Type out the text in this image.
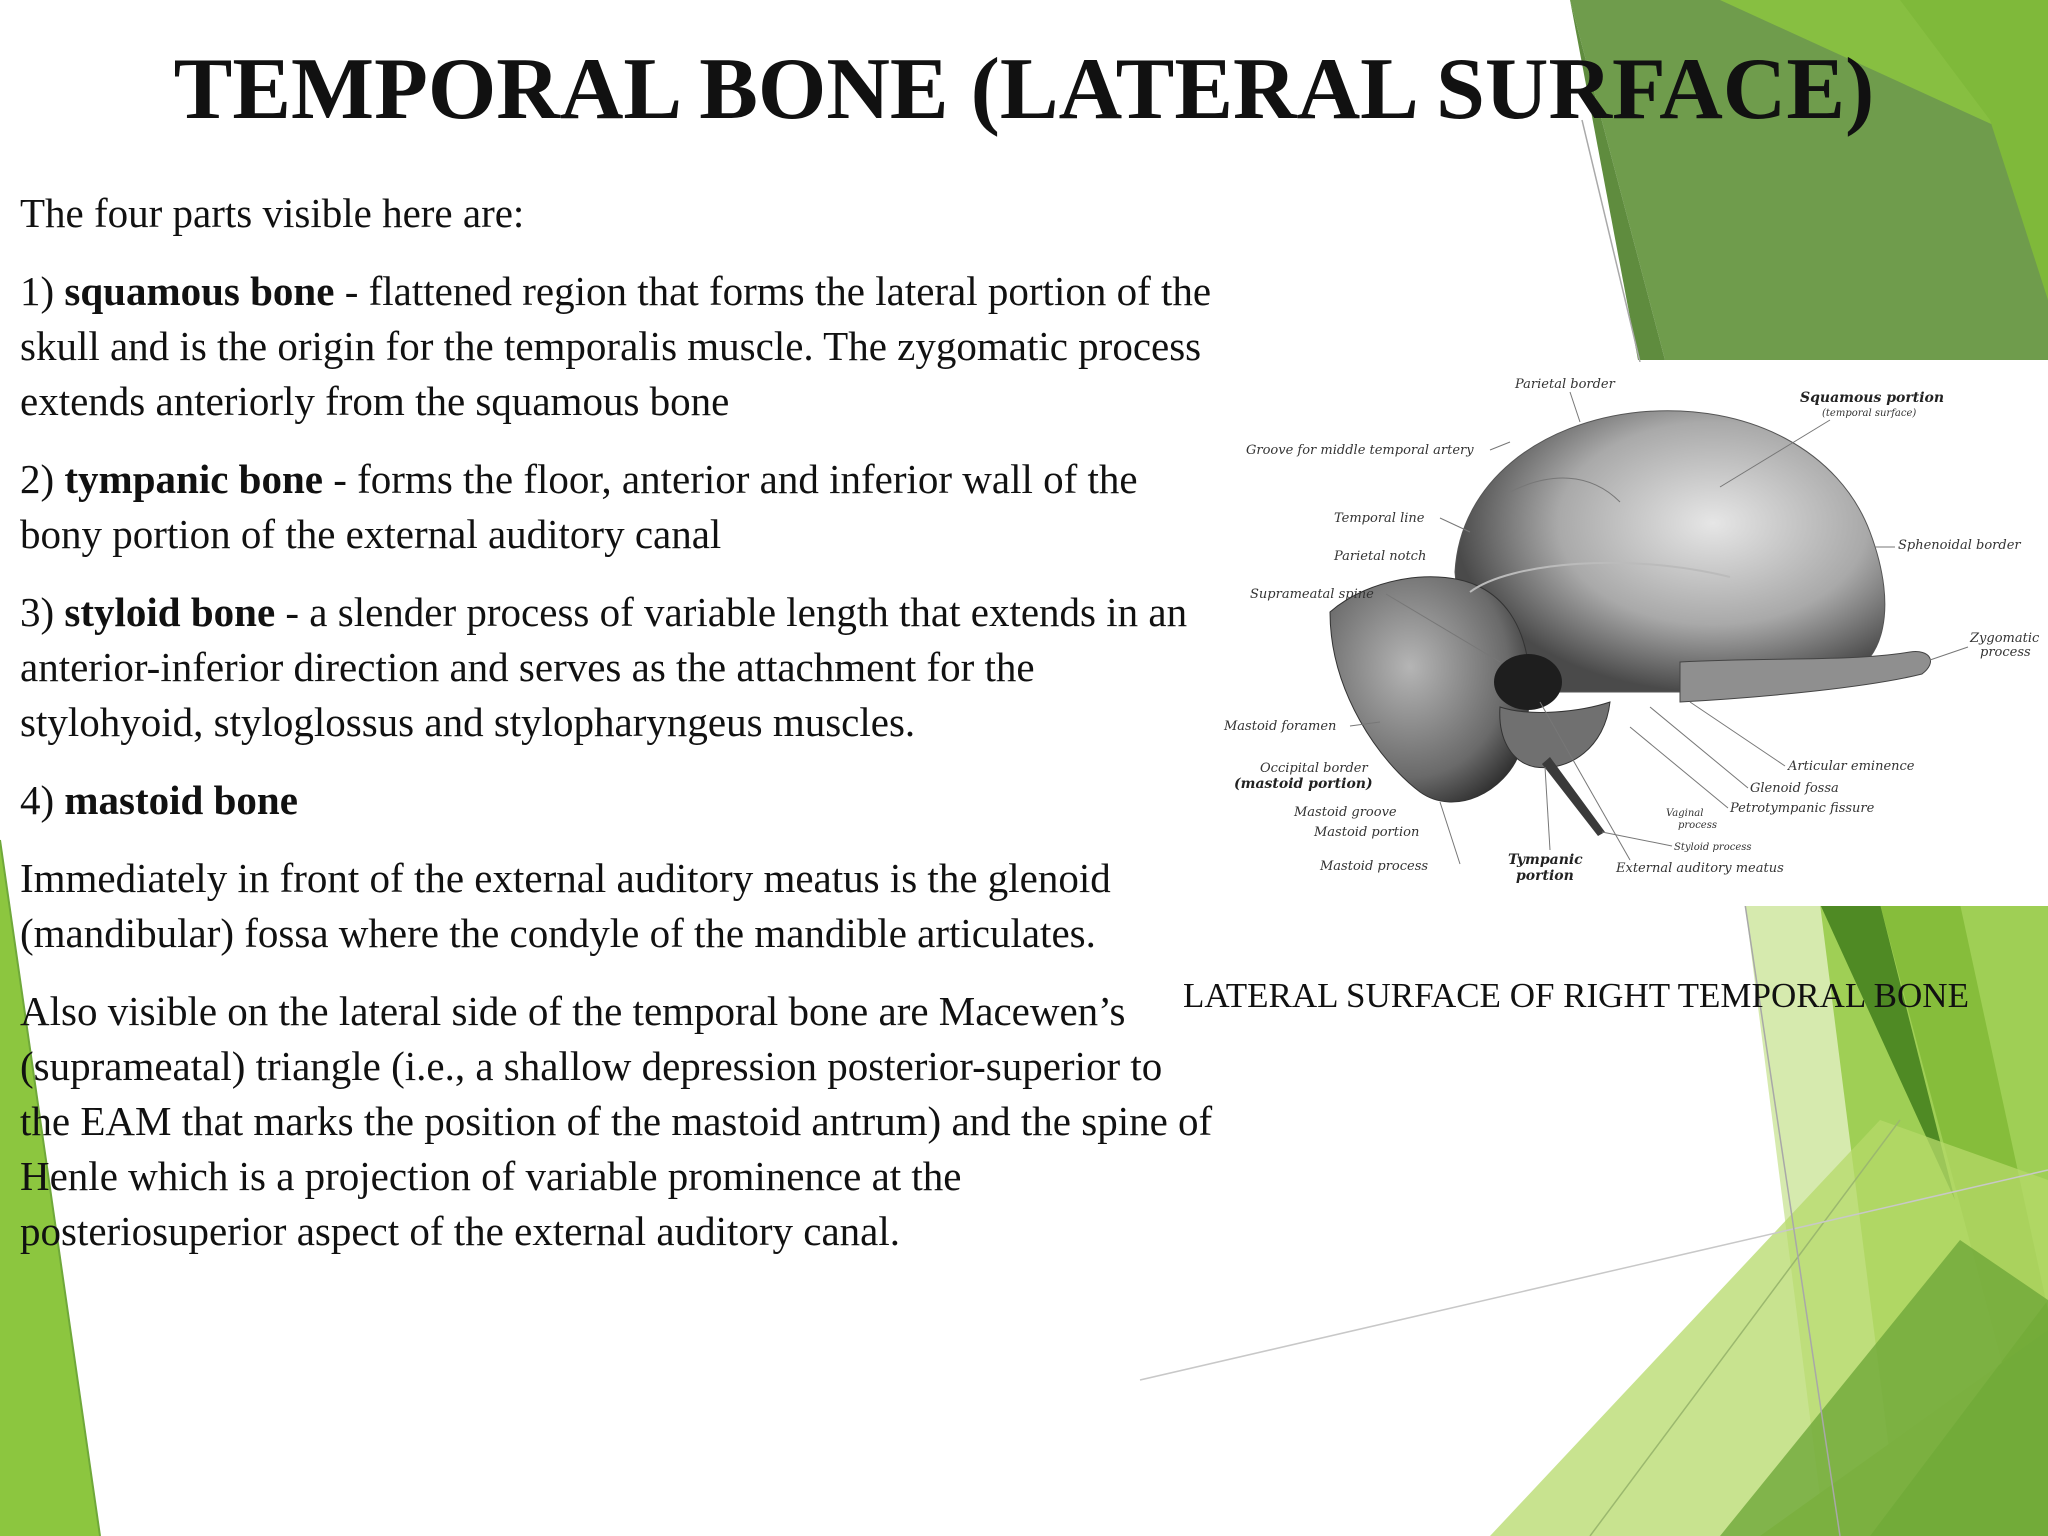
TEMPORAL BONE (LATERAL SURFACE)

The four parts visible here are:

1) squamous bone - flattened region that forms the lateral portion of the skull and is the origin for the temporalis muscle. The zygomatic process extends anteriorly from the squamous bone

2) tympanic bone - forms the floor, anterior and inferior wall of the bony portion of the external auditory canal

3) styloid bone - a slender process of variable length that extends in an anterior-inferior direction and serves as the attachment for the stylohyoid, styloglossus and stylopharyngeus muscles.

4) mastoid bone

Immediately in front of the external auditory meatus is the glenoid (mandibular) fossa where the condyle of the mandible articulates.

Also visible on the lateral side of the temporal bone are Macewen’s (suprameatal) triangle (i.e., a shallow depression posterior-superior to the EAM that marks the position of the mastoid antrum) and the spine of Henle which is a projection of variable prominence at the posteriosuperior aspect of the external auditory canal.

Parietal border
Squamous portion
(temporal surface)
Groove for middle temporal artery
Temporal line
Sphenoidal border
Parietal notch
Suprameatal spine
Zygomatic
process
Mastoid foramen
Occipital border
(mastoid portion)
Articular eminence
Glenoid fossa
Mastoid groove	Vaginal
process
Petrotympanic fissure
Mastoid portion
Styloid process
Mastoid process	Tympanic
portion	External auditory meatus
LATERAL SURFACE OF RIGHT TEMPORAL BONE
